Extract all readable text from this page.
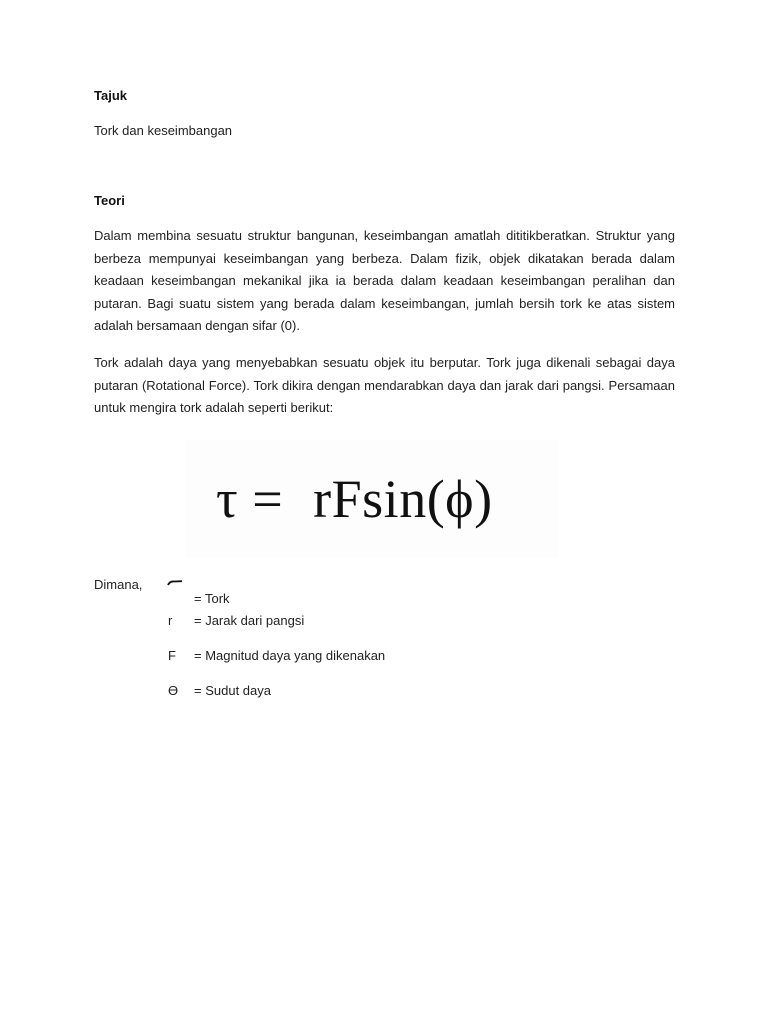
Tajuk
Tork dan keseimbangan
Teori

Dalam membina sesuatu struktur bangunan, keseimbangan amatlah dititikberatkan. Struktur yang berbeza mempunyai keseimbangan yang berbeza. Dalam fizik, objek dikatakan berada dalam keadaan keseimbangan mekanikal jika ia berada dalam keadaan keseimbangan peralihan dan putaran. Bagi suatu sistem yang berada dalam keseimbangan, jumlah bersih tork ke atas sistem adalah bersamaan dengan sifar (0).

Tork adalah daya yang menyebabkan sesuatu objek itu berputar. Tork juga dikenali sebagai daya putaran (Rotational Force). Tork dikira dengan mendarabkan daya dan jarak dari pangsi. Persamaan untuk mengira tork adalah seperti berikut:

τ = rFsin(ϕ)
Dimana,
= Tork
r = Jarak dari pangsi
F = Magnitud daya yang dikenakan
ϴ = Sudut daya
